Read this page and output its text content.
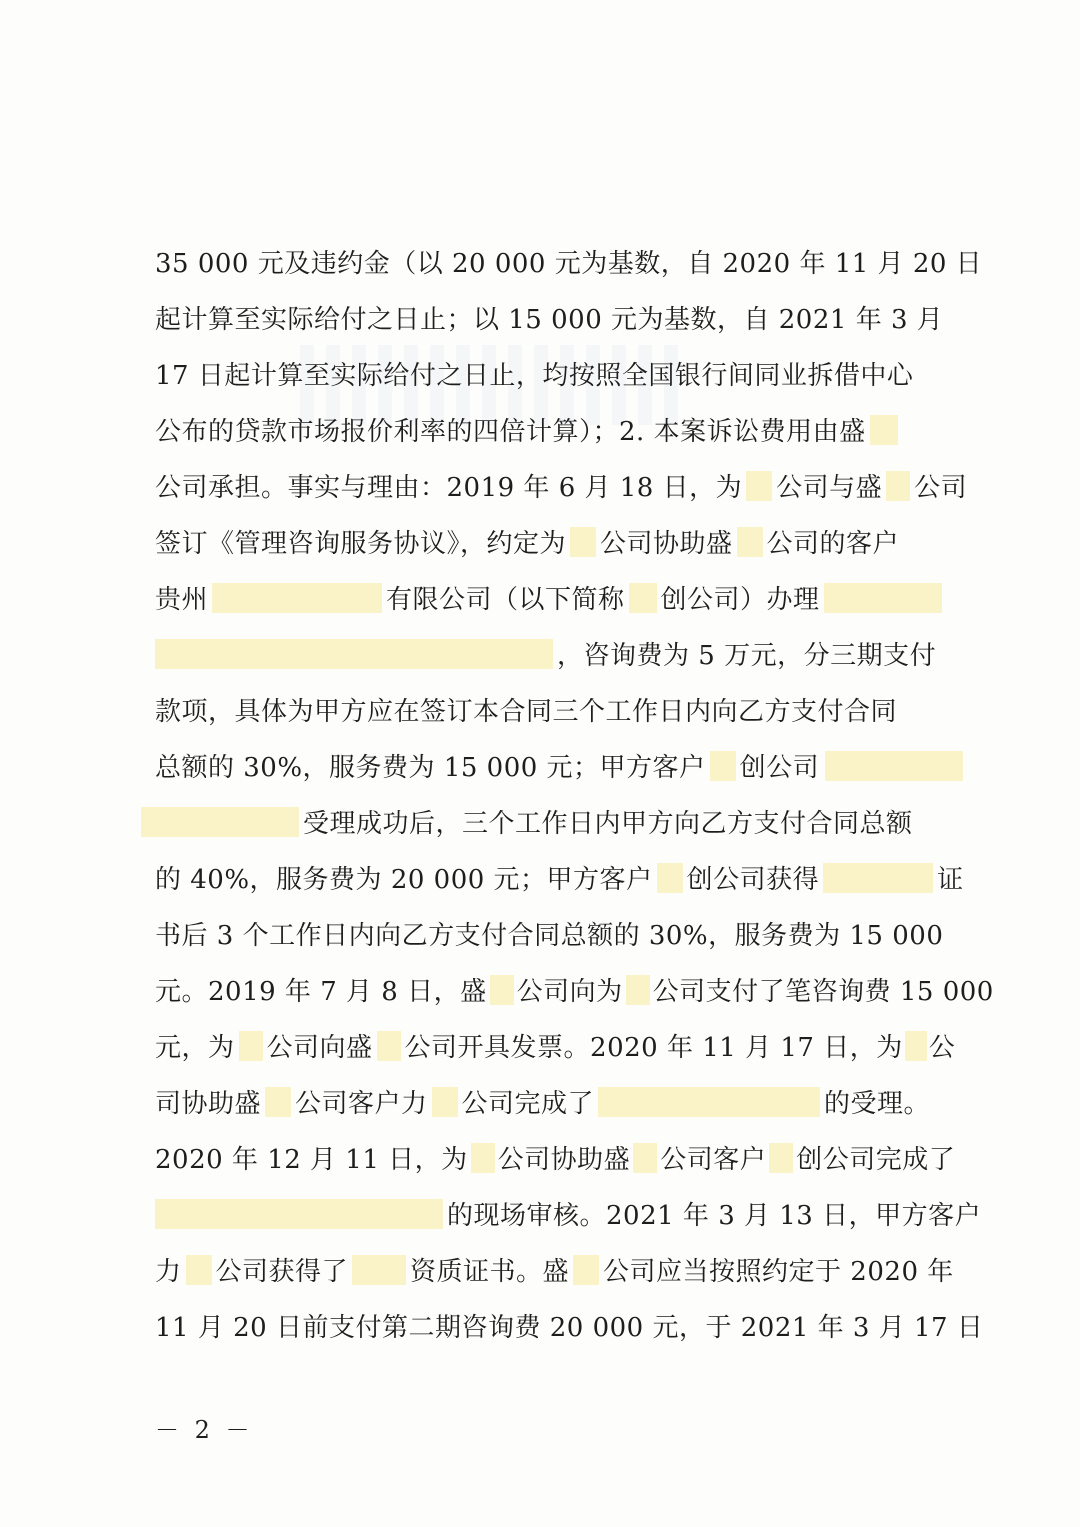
35 000 元及违约金（以 20 000 元为基数，自 2020 年 11 月 20 日
起计算至实际给付之日止；以 15 000 元为基数，自 2021 年 3 月
17 日起计算至实际给付之日止，均按照全国银行间同业拆借中心
公布的贷款市场报价利率的四倍计算）；2. 本案诉讼费用由盛
公司承担。事实与理由：2019 年 6 月 18 日，为 公司与盛 公司
签订《管理咨询服务协议》，约定为 公司协助盛 公司的客户
贵州	有限公司（以下简称 创公司）办理
，咨询费为 5 万元，分三期支付
款项，具体为甲方应在签订本合同三个工作日内向乙方支付合同
总额的 30%，服务费为 15 000 元；甲方客户 创公司
受理成功后，三个工作日内甲方向乙方支付合同总额
的 40%，服务费为 20 000 元；甲方客户 创公司获得	证
书后 3 个工作日内向乙方支付合同总额的 30%，服务费为 15 000
元。2019 年 7 月 8 日，盛 公司向为 公司支付了笔咨询费 15 000
元，为 公司向盛 公司开具发票。2020 年 11 月 17 日，为 公
司协助盛 公司客户力 公司完成了	的受理。
2020 年 12 月 11 日，为 公司协助盛 公司客户 创公司完成了
的现场审核。2021 年 3 月 13 日，甲方客户
力 公司获得了 资质证书。盛 公司应当按照约定于 2020 年
11 月 20 日前支付第二期咨询费 20 000 元，于 2021 年 3 月 17 日
－ 2 －
